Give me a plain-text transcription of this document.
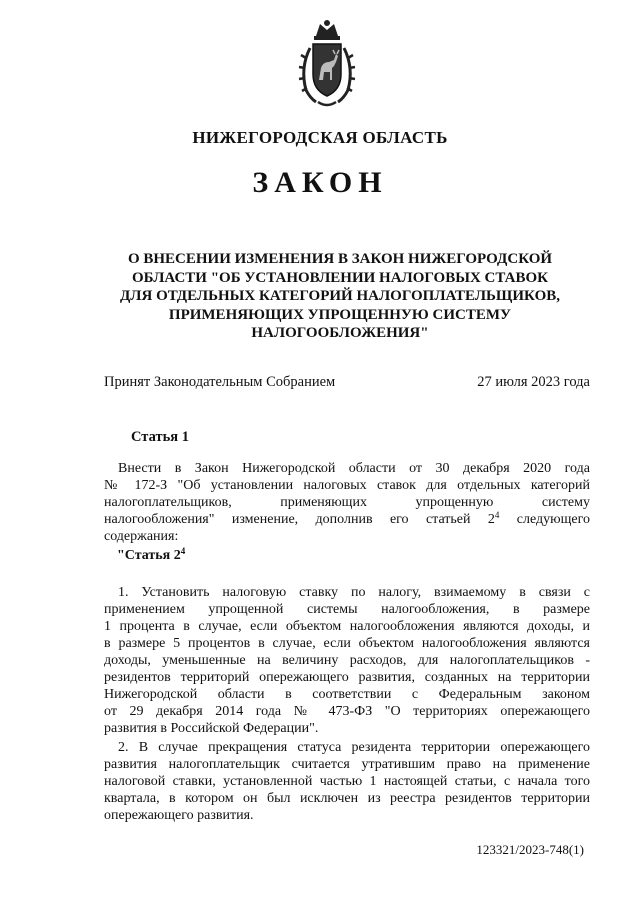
НИЖЕГОРОДСКАЯ ОБЛАСТЬ
ЗАКОН
О ВНЕСЕНИИ ИЗМЕНЕНИЯ В ЗАКОН НИЖЕГОРОДСКОЙ
ОБЛАСТИ "ОБ УСТАНОВЛЕНИИ НАЛОГОВЫХ СТАВОК
ДЛЯ ОТДЕЛЬНЫХ КАТЕГОРИЙ НАЛОГОПЛАТЕЛЬЩИКОВ,
ПРИМЕНЯЮЩИХ УПРОЩЕННУЮ СИСТЕМУ
НАЛОГООБЛОЖЕНИЯ"
Принят Законодательным Собранием	27 июля 2023 года
Статья 1
Внести в Закон Нижегородской области от 30 декабря 2020 года
№ 172-З "Об установлении налоговых ставок для отдельных категорий
налогоплательщиков, применяющих упрощенную систему
налогообложения" изменение, дополнив его статьей $2^4$ следующего
содержания:
"Статья $2^4$
1. Установить налоговую ставку по налогу, взимаемому в связи с
применением упрощенной системы налогообложения, в размере
1 процента в случае, если объектом налогообложения являются доходы, и
в размере 5 процентов в случае, если объектом налогообложения являются
доходы, уменьшенные на величину расходов, для налогоплательщиков -
резидентов территорий опережающего развития, созданных на территории
Нижегородской области в соответствии с Федеральным законом
от 29 декабря 2014 года № 473-ФЗ "О территориях опережающего
развития в Российской Федерации".
2. В случае прекращения статуса резидента территории опережающего
развития налогоплательщик считается утратившим право на применение
налоговой ставки, установленной частью 1 настоящей статьи, с начала того
квартала, в котором он был исключен из реестра резидентов территории
опережающего развития.
123321/2023-748(1)
